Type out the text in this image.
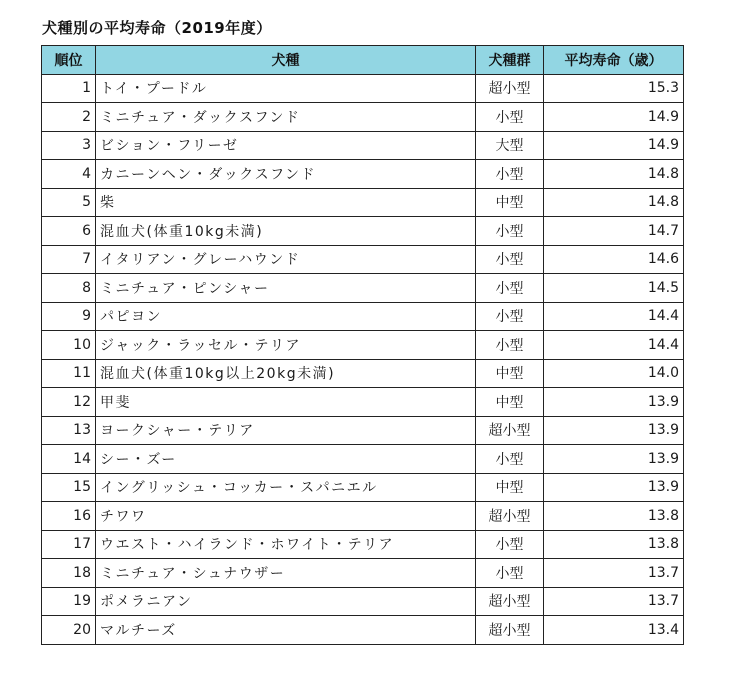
犬種別の平均寿命（2019年度）
順位	犬種	犬種群	平均寿命（歳）
1	トイ・プードル	超小型	15.3
2	ミニチュア・ダックスフンド	小型	14.9
3	ビション・フリーゼ	大型	14.9
4	カニーンヘン・ダックスフンド	小型	14.8
5	柴	中型	14.8
6	混血犬(体重10kg未満)	小型	14.7
7	イタリアン・グレーハウンド	小型	14.6
8	ミニチュア・ピンシャー	小型	14.5
9	パピヨン	小型	14.4
10	ジャック・ラッセル・テリア	小型	14.4
11	混血犬(体重10kg以上20kg未満)	中型	14.0
12	甲斐	中型	13.9
13	ヨークシャー・テリア	超小型	13.9
14	シー・ズー	小型	13.9
15	イングリッシュ・コッカー・スパニエル	中型	13.9
16	チワワ	超小型	13.8
17	ウエスト・ハイランド・ホワイト・テリア	小型	13.8
18	ミニチュア・シュナウザー	小型	13.7
19	ポメラニアン	超小型	13.7
20	マルチーズ	超小型	13.4
